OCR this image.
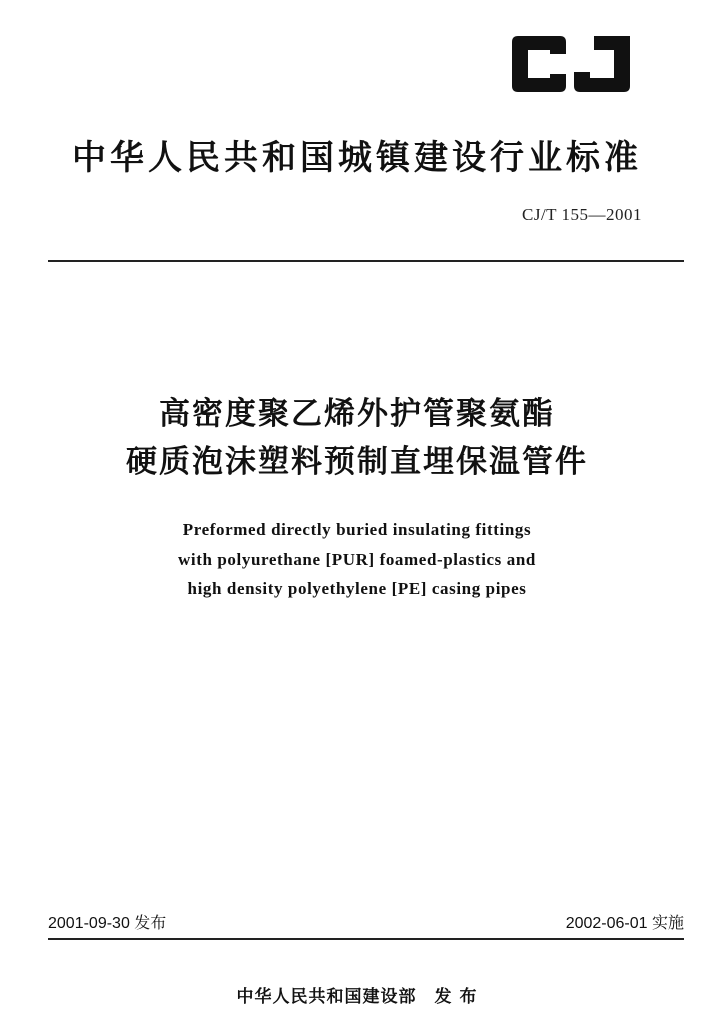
中华人民共和国城镇建设行业标准
CJ/T 155—2001
高密度聚乙烯外护管聚氨酯
硬质泡沫塑料预制直埋保温管件
Preformed directly buried insulating fittings
with polyurethane [PUR] foamed-plastics and
high density polyethylene [PE] casing pipes
2001-09-30 发布	2002-06-01 实施
中华人民共和国建设部　发 布
